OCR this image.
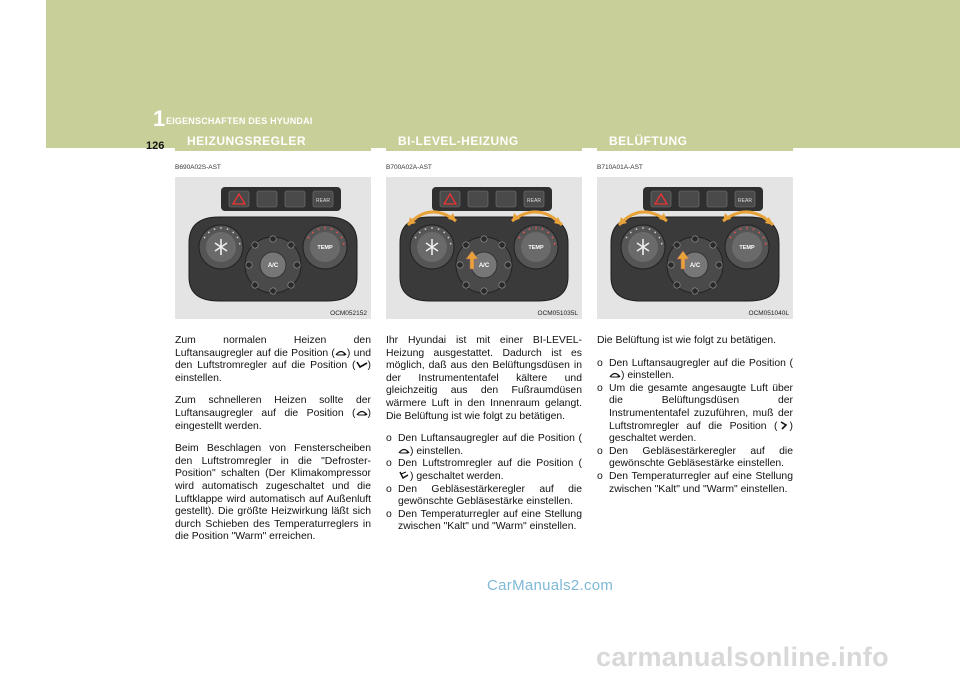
1 EIGENSCHAFTEN DES HYUNDAI
126	HEIZUNGSREGLER
B690A02S-AST
REAR
TEMP
A/C
OCM052152

Zum normalen Heizen den Luftansaugregler auf die Position ( ) und den Luftstromregler auf die Position ( ) einstellen.

Zum schnelleren Heizen sollte der Luftansaugregler auf die Position ( ) eingestellt werden.

Beim Beschlagen von Fensterscheiben den Luftstromregler in die "Defroster-Position" schalten (Der Klimakompressor wird automatisch zugeschaltet und die Luftklappe wird automatisch auf Außenluft gestellt). Die größte Heizwirkung läßt sich durch Schieben des Temperaturreglers in die Position "Warm" erreichen.

BI-LEVEL-HEIZUNG
B700A02A-AST
REAR
TEMP
A/C
OCM051035L

Ihr Hyundai ist mit einer BI-LEVEL-Heizung ausgestattet. Dadurch ist es möglich, daß aus den Belüftungsdüsen in der Instrumententafel kältere und gleichzeitig aus den Fußraumdüsen wärmere Luft in den Innenraum gelangt. Die Belüftung ist wie folgt zu betätigen.

o Den Luftansaugregler auf die Position () einstellen.
o Den Luftstromregler auf die Position () geschaltet werden.
o Den Gebläsestärkeregler auf die gewönschte Gebläsestärke einstellen.
o Den Temperaturregler auf eine Stellung zwischen "Kalt" und "Warm" einstellen.
BELÜFTUNG
B710A01A-AST
REAR
TEMP
A/C
OCM051040L

Die Belüftung ist wie folgt zu betätigen.

o Den Luftansaugregler auf die Position () einstellen.
o Um die gesamte angesaugte Luft über die Belüftungsdüsen der Instrumententafel zuzuführen, muß der Luftstromregler auf die Position ( ) geschaltet werden.
o Den Gebläsestärkeregler auf die gewönschte Gebläsestärke einstellen.
o Den Temperaturregler auf eine Stellung zwischen "Kalt" und "Warm" einstellen.
CarManuals2.com
carmanualsonline.info
